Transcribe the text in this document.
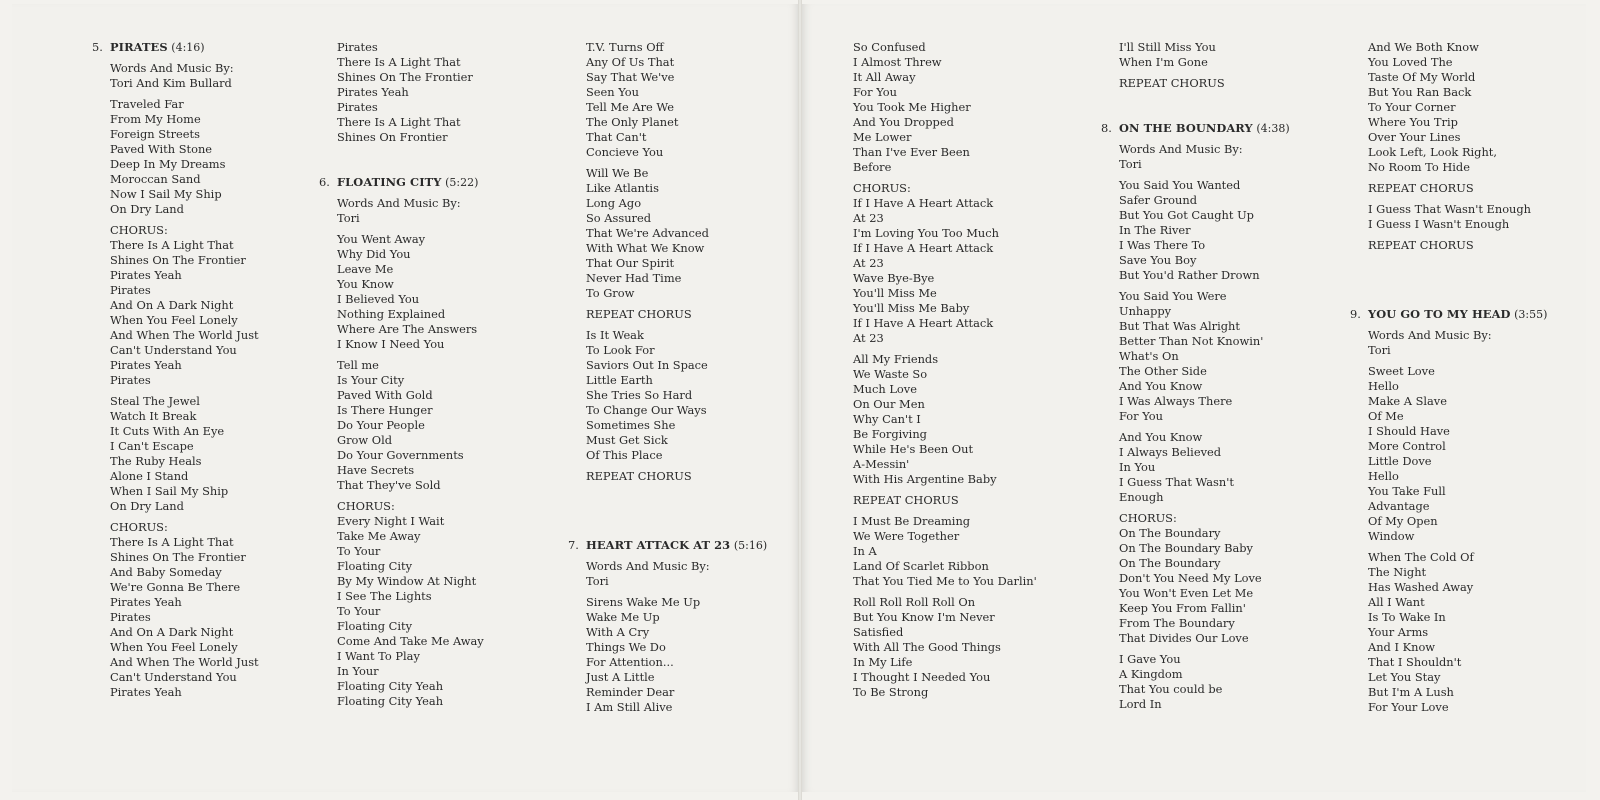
5. PIRATES (4:16)
Words And Music By:
Tori And Kim Bullard
Traveled Far
From My Home
Foreign Streets
Paved With Stone
Deep In My Dreams
Moroccan Sand
Now I Sail My Ship
On Dry Land
CHORUS:
There Is A Light That
Shines On The Frontier
Pirates Yeah
Pirates
And On A Dark Night
When You Feel Lonely
And When The World Just
Can't Understand You
Pirates Yeah
Pirates
Steal The Jewel
Watch It Break
It Cuts With An Eye
I Can't Escape
The Ruby Heals
Alone I Stand
When I Sail My Ship
On Dry Land
CHORUS:
There Is A Light That
Shines On The Frontier
And Baby Someday
We're Gonna Be There
Pirates Yeah
Pirates
And On A Dark Night
When You Feel Lonely
And When The World Just
Can't Understand You
Pirates Yeah
Pirates
There Is A Light That
Shines On The Frontier
Pirates Yeah
Pirates
There Is A Light That
Shines On Frontier
6. FLOATING CITY (5:22)
Words And Music By:
Tori
You Went Away
Why Did You
Leave Me
You Know
I Believed You
Nothing Explained
Where Are The Answers
I Know I Need You
Tell me
Is Your City
Paved With Gold
Is There Hunger
Do Your People
Grow Old
Do Your Governments
Have Secrets
That They've Sold
CHORUS:
Every Night I Wait
Take Me Away
To Your
Floating City
By My Window At Night
I See The Lights
To Your
Floating City
Come And Take Me Away
I Want To Play
In Your
Floating City Yeah
Floating City Yeah
T.V. Turns Off
Any Of Us That
Say That We've
Seen You
Tell Me Are We
The Only Planet
That Can't
Concieve You
Will We Be
Like Atlantis
Long Ago
So Assured
That We're Advanced
With What We Know
That Our Spirit
Never Had Time
To Grow
REPEAT CHORUS
Is It Weak
To Look For
Saviors Out In Space
Little Earth
She Tries So Hard
To Change Our Ways
Sometimes She
Must Get Sick
Of This Place
REPEAT CHORUS
7. HEART ATTACK AT 23 (5:16)
Words And Music By:
Tori
Sirens Wake Me Up
Wake Me Up
With A Cry
Things We Do
For Attention...
Just A Little
Reminder Dear
I Am Still Alive
So Confused
I Almost Threw
It All Away
For You
You Took Me Higher
And You Dropped
Me Lower
Than I've Ever Been
Before
CHORUS:
If I Have A Heart Attack
At 23
I'm Loving You Too Much
If I Have A Heart Attack
At 23
Wave Bye-Bye
You'll Miss Me
You'll Miss Me Baby
If I Have A Heart Attack
At 23
All My Friends
We Waste So
Much Love
On Our Men
Why Can't I
Be Forgiving
While He's Been Out
A-Messin'
With His Argentine Baby
REPEAT CHORUS
I Must Be Dreaming
We Were Together
In A
Land Of Scarlet Ribbon
That You Tied Me to You Darlin'
Roll Roll Roll Roll On
But You Know I'm Never
Satisfied
With All The Good Things
In My Life
I Thought I Needed You
To Be Strong
I'll Still Miss You
When I'm Gone
REPEAT CHORUS
8. ON THE BOUNDARY (4:38)
Words And Music By:
Tori
You Said You Wanted
Safer Ground
But You Got Caught Up
In The River
I Was There To
Save You Boy
But You'd Rather Drown
You Said You Were
Unhappy
But That Was Alright
Better Than Not Knowin'
What's On
The Other Side
And You Know
I Was Always There
For You
And You Know
I Always Believed
In You
I Guess That Wasn't
Enough
CHORUS:
On The Boundary
On The Boundary Baby
On The Boundary
Don't You Need My Love
You Won't Even Let Me
Keep You From Fallin'
From The Boundary
That Divides Our Love
I Gave You
A Kingdom
That You could be
Lord In
And We Both Know
You Loved The
Taste Of My World
But You Ran Back
To Your Corner
Where You Trip
Over Your Lines
Look Left, Look Right,
No Room To Hide
REPEAT CHORUS
I Guess That Wasn't Enough
I Guess I Wasn't Enough
REPEAT CHORUS
9. YOU GO TO MY HEAD (3:55)
Words And Music By:
Tori
Sweet Love
Hello
Make A Slave
Of Me
I Should Have
More Control
Little Dove
Hello
You Take Full
Advantage
Of My Open
Window
When The Cold Of
The Night
Has Washed Away
All I Want
Is To Wake In
Your Arms
And I Know
That I Shouldn't
Let You Stay
But I'm A Lush
For Your Love
